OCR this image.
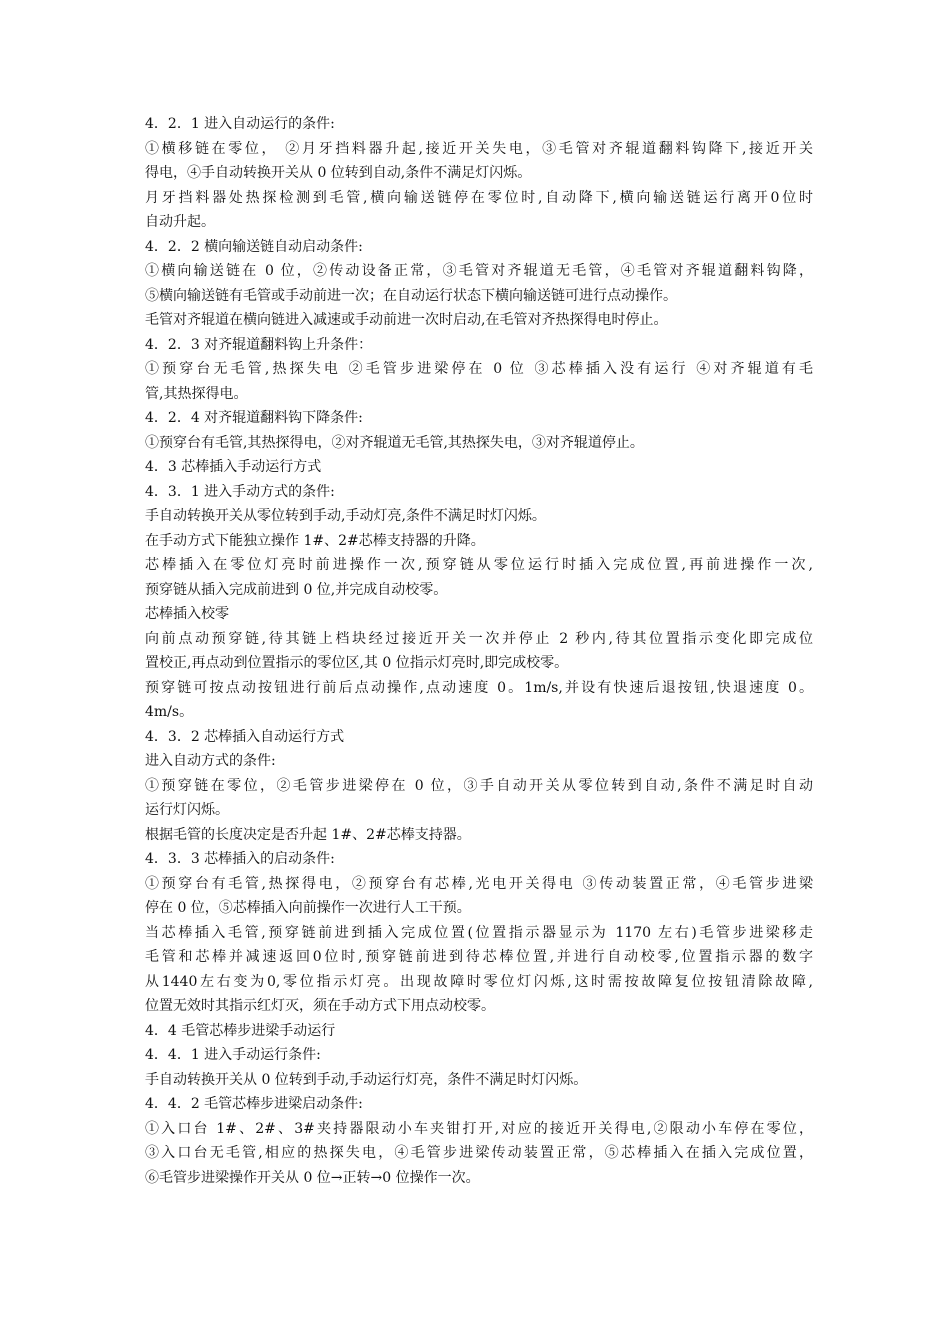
4．2．1 进入自动运行的条件:
①横移链在零位， ②月牙挡料器升起,接近开关失电，③毛管对齐辊道翻料钩降下,接近开关
得电，④手自动转换开关从 0 位转到自动,条件不满足灯闪烁。
月牙挡料器处热探检测到毛管,横向输送链停在零位时,自动降下,横向输送链运行离开0位时
自动升起。
4．2．2 横向输送链自动启动条件:
①横向输送链在 0 位，②传动设备正常，③毛管对齐辊道无毛管，④毛管对齐辊道翻料钩降，
⑤横向输送链有毛管或手动前进一次；在自动运行状态下横向输送链可进行点动操作。
毛管对齐辊道在横向链进入减速或手动前进一次时启动,在毛管对齐热探得电时停止。
4．2．3 对齐辊道翻料钩上升条件：
①预穿台无毛管,热探失电 ②毛管步进梁停在 0 位 ③芯棒插入没有运行 ④对齐辊道有毛
管,其热探得电。
4．2．4 对齐辊道翻料钩下降条件:
①预穿台有毛管,其热探得电，②对齐辊道无毛管,其热探失电，③对齐辊道停止。
4．3 芯棒插入手动运行方式
4．3．1 进入手动方式的条件:
手自动转换开关从零位转到手动,手动灯亮,条件不满足时灯闪烁。
在手动方式下能独立操作 1#、2#芯棒支持器的升降。
芯棒插入在零位灯亮时前进操作一次,预穿链从零位运行时插入完成位置,再前进操作一次,
预穿链从插入完成前进到 0 位,并完成自动校零。
芯棒插入校零
向前点动预穿链,待其链上档块经过接近开关一次并停止 2 秒内,待其位置指示变化即完成位
置校正,再点动到位置指示的零位区,其 0 位指示灯亮时,即完成校零。
预穿链可按点动按钮进行前后点动操作,点动速度 0。1m/s,并设有快速后退按钮,快退速度 0。
4m/s。
4．3．2 芯棒插入自动运行方式
进入自动方式的条件:
①预穿链在零位，②毛管步进梁停在 0 位，③手自动开关从零位转到自动,条件不满足时自动
运行灯闪烁。
根据毛管的长度决定是否升起 1#、2#芯棒支持器。
4．3．3 芯棒插入的启动条件:
①预穿台有毛管,热探得电，②预穿台有芯棒,光电开关得电 ③传动装置正常，④毛管步进梁
停在 0 位，⑤芯棒插入向前操作一次进行人工干预。
当芯棒插入毛管,预穿链前进到插入完成位置(位置指示器显示为 1170 左右)毛管步进梁移走
毛管和芯棒并减速返回0位时,预穿链前进到待芯棒位置,并进行自动校零,位置指示器的数字
从1440左右变为0,零位指示灯亮。出现故障时零位灯闪烁,这时需按故障复位按钮清除故障,
位置无效时其指示红灯灭，须在手动方式下用点动校零。
4．4 毛管芯棒步进梁手动运行
4．4．1 进入手动运行条件:
手自动转换开关从 0 位转到手动,手动运行灯亮，条件不满足时灯闪烁。
4．4．2 毛管芯棒步进梁启动条件:
①入口台 1#、2#、3#夹持器限动小车夹钳打开,对应的接近开关得电,②限动小车停在零位，
③入口台无毛管,相应的热探失电，④毛管步进梁传动装置正常，⑤芯棒插入在插入完成位置，
⑥毛管步进梁操作开关从 0 位→正转→0 位操作一次。
